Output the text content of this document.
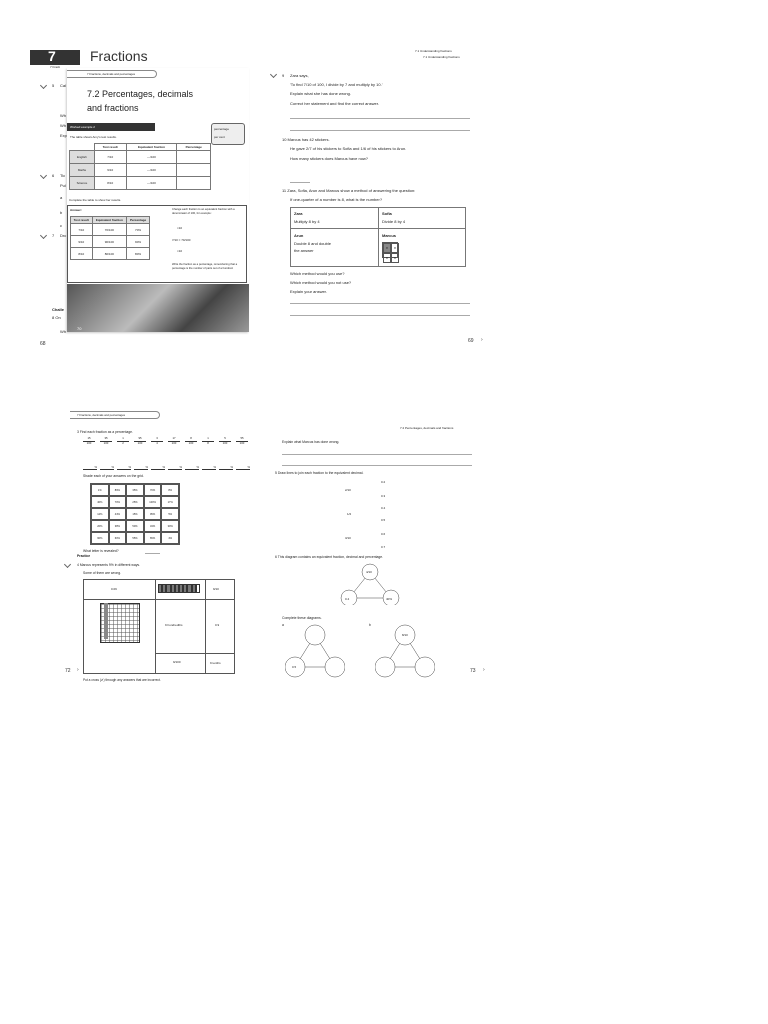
7 Fractions
7 Fracti
5 Cal
Wh
Wh
Exp
6 Tic
Pul
a
b
c
7 Drc
Challe
8 On
Wh
68
7 Fractions, decimals and percentages
7.2 Percentages, decimals
and fractions
percentage
per cent
Worked example 2
The table shows Amy's test results.
	Test result	Equivalent fraction	Percentage
English	7/10	—/100	
Maths	9/10	—/100	
Science	8/10	—/100	
Complete the table to show her results.
Answer:
Test result	Equivalent fraction	Percentage
7/10	70/100	70%
9/10	90/100	90%
8/10	80/100	80%
Change each fraction to an equivalent fraction with a denominator of 100, for example:
×10
7/10 = 70/100
×10
Write the fraction as a percentage, remembering that a percentage is the number of parts out of a hundred.
70
7.1 Understanding fractions
7.1 Understanding fractions
9 Zara says,
'To find 7/10 of 100, I divide by 7 and multiply by 10.'
Explain what she has done wrong.
Correct her statement and find the correct answer.
10 Marcus has 42 stickers.
He gave 2/7 of his stickers to Sofia and 1/6 of his stickers to Arun.
How many stickers does Marcus have now?
11 Zara, Sofia, Arun and Marcus show a method of answering the question:
If one-quarter of a number is 8, what is the number?
Zara
Multiply 8 by 4
Sofia
Divide 8 by 4
Arun
Double 8 and double
the answer
Marcus
8	8
8	8
Which method would you use?
Which method would you not use?
Explain your answer.
69 ›
7 Fractions, decimals and percentages
3 Find each fraction as a percentage.
$\frac{15}{100} \frac{35}{100} \frac{1}{2} \frac{95}{100} \frac{3}{4} \frac{17}{100} \frac{8}{100} \frac{1}{8} \frac{5}{100} \frac{55}{100}$
%	%	%	%	%	%	%	%	%	%
Shade each of your answers on the grid.
1%	89%	35%	70%	8%
40%	70%	25%	100%	17%
12%	44%	15%	95%	5%
20%	38%	50%	34%	30%
90%	60%	55%	65%	4%
What letter is revealed?
Practice
4 Marcus represents 9% in different ways.
Some of them are wrong.
0.09	9/10
9 hundredths	0.9
9/100	9 tenths
Put a cross (✗) through any answers that are incorrect.
72 ›
7.2 Percentages, decimals and fractions
Explain what Marcus has done wrong.
5 Draw lines to join each fraction to the equivalent decimal.
2/10
1/2
3/10
0.2
0.3
0.4
0.5
0.6
0.7
6 This diagram contains an equivalent fraction, decimal and percentage.
4/10
0.4	40%
Complete these diagrams.
a	b
0.5
8/10
73 ›
